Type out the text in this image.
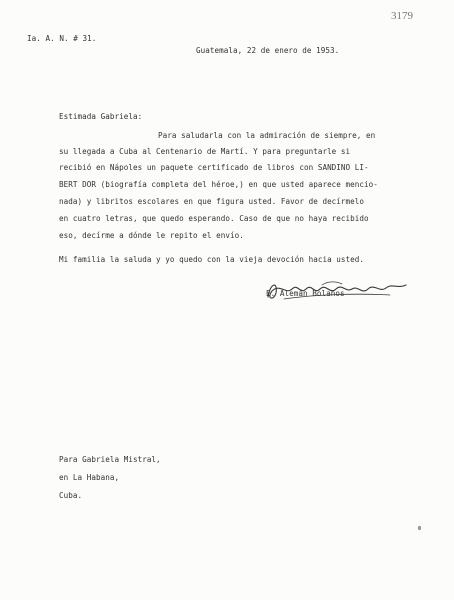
3179
Ia. A. N. # 31.
Guatemala, 22 de enero de 1953.
Estimada Gabriela:
Para saludarla con la admiración de siempre, en
su llegada a Cuba al Centenario de Martí. Y para preguntarle si
recibió en Nápoles un paquete certificado de libros con SANDINO LI-
BERT DOR (biografía completa del héroe,) en que usted aparece mencio-
nada) y libritos escolares en que figura usted. Favor de decírmelo
en cuatro letras, que quedo esperando. Caso de que no haya recibido
eso, decírme a dónde le repito el envío.
Mi familia la saluda y yo quedo con la vieja devoción hacia usted.
E. Alemán Bolaños
Para Gabriela Mistral,
en La Habana,
Cuba.
